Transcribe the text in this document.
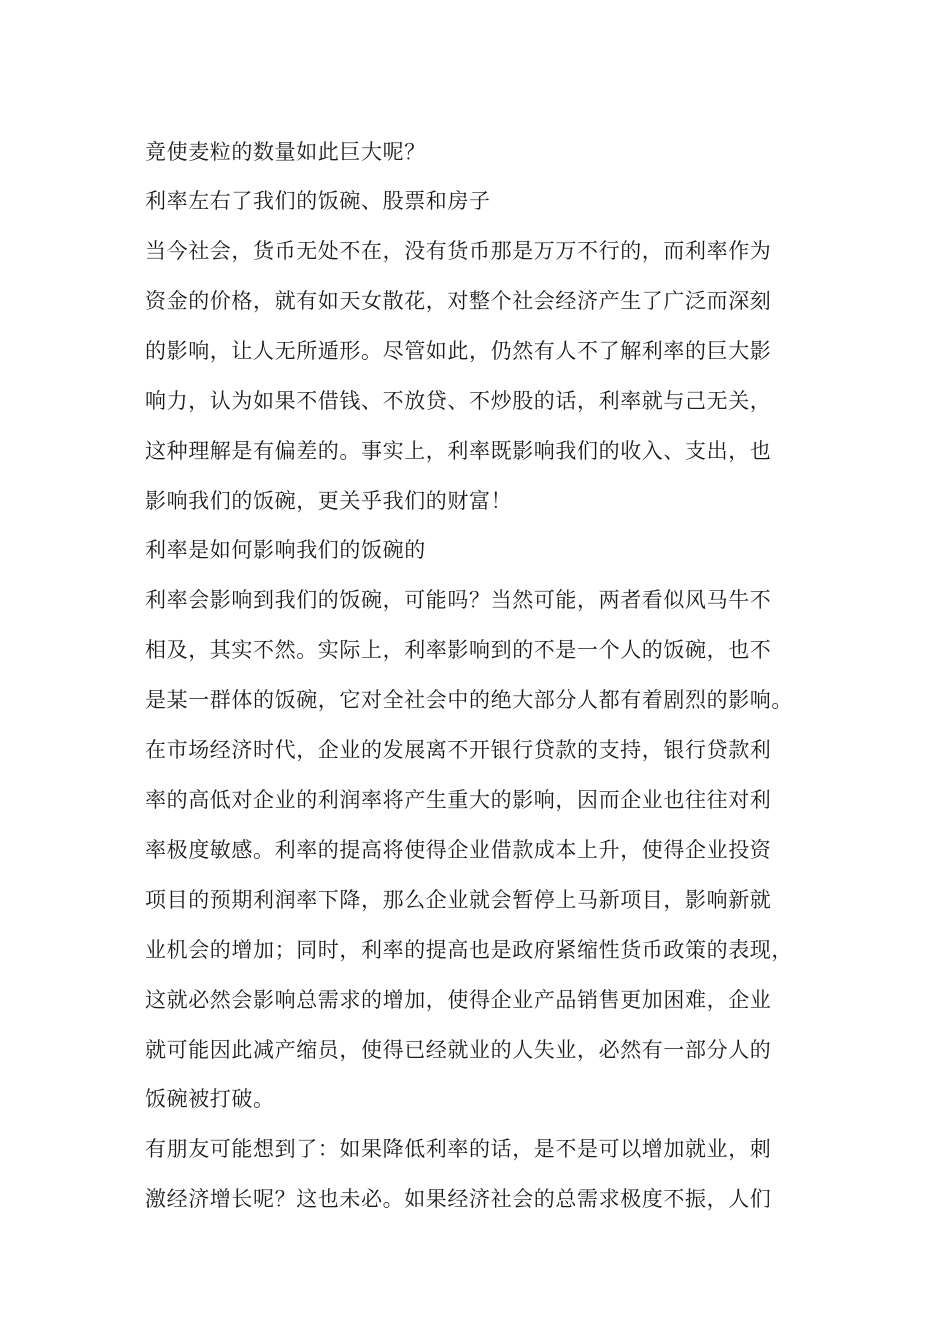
竟使麦粒的数量如此巨大呢？
利率左右了我们的饭碗、股票和房子
当今社会，货币无处不在，没有货币那是万万不行的，而利率作为
资金的价格，就有如天女散花，对整个社会经济产生了广泛而深刻
的影响，让人无所遁形。尽管如此，仍然有人不了解利率的巨大影
响力，认为如果不借钱、不放贷、不炒股的话，利率就与己无关，
这种理解是有偏差的。事实上，利率既影响我们的收入、支出，也
影响我们的饭碗，更关乎我们的财富！
利率是如何影响我们的饭碗的
利率会影响到我们的饭碗，可能吗？当然可能，两者看似风马牛不
相及，其实不然。实际上，利率影响到的不是一个人的饭碗，也不
是某一群体的饭碗，它对全社会中的绝大部分人都有着剧烈的影响。
在市场经济时代，企业的发展离不开银行贷款的支持，银行贷款利
率的高低对企业的利润率将产生重大的影响，因而企业也往往对利
率极度敏感。利率的提高将使得企业借款成本上升，使得企业投资
项目的预期利润率下降，那么企业就会暂停上马新项目，影响新就
业机会的增加；同时，利率的提高也是政府紧缩性货币政策的表现，
这就必然会影响总需求的增加，使得企业产品销售更加困难，企业
就可能因此减产缩员，使得已经就业的人失业，必然有一部分人的
饭碗被打破。
有朋友可能想到了：如果降低利率的话，是不是可以增加就业，刺
激经济增长呢？这也未必。如果经济社会的总需求极度不振，人们
